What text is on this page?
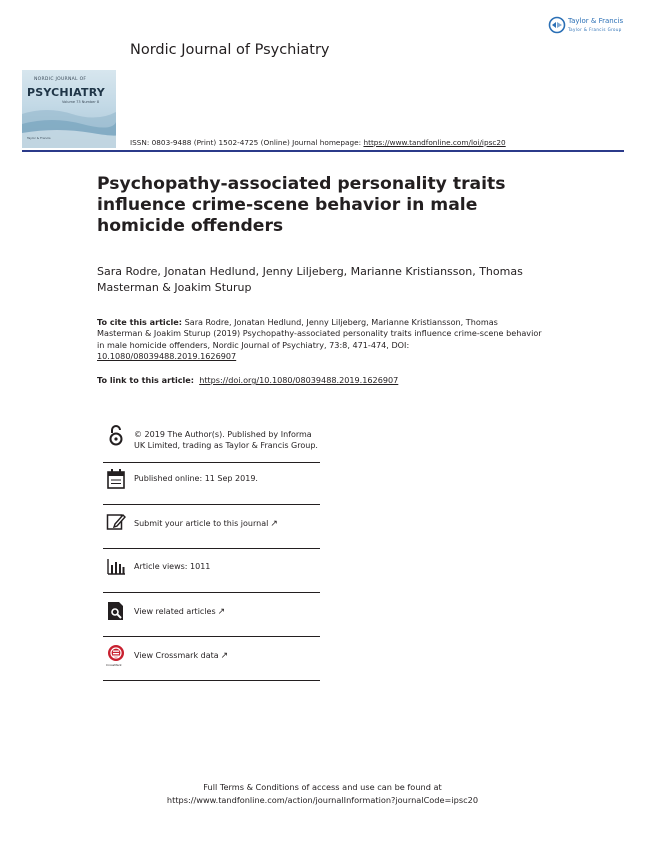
Nordic Journal of Psychiatry
Taylor & Francis
Taylor & Francis Group
NORDIC JOURNAL OF
PSYCHIATRY
Volume 73 Number 8
Taylor & Francis	ISSN: 0803-9488 (Print) 1502-4725 (Online) Journal homepage: https://www.tandfonline.com/loi/ipsc20
Psychopathy-associated personality traits influence crime-scene behavior in male homicide offenders
Sara Rodre, Jonatan Hedlund, Jenny Liljeberg, Marianne Kristiansson, Thomas Masterman & Joakim Sturup
To cite this article: Sara Rodre, Jonatan Hedlund, Jenny Liljeberg, Marianne Kristiansson, Thomas Masterman & Joakim Sturup (2019) Psychopathy-associated personality traits influence crime-scene behavior in male homicide offenders, Nordic Journal of Psychiatry, 73:8, 471-474, DOI: 10.1080/08039488.2019.1626907
To link to this article: https://doi.org/10.1080/08039488.2019.1626907
© 2019 The Author(s). Published by Informa UK Limited, trading as Taylor & Francis Group.
Published online: 11 Sep 2019.
Submit your article to this journal ↗
Article views: 1011
View related articles ↗
CrossMark
View Crossmark data ↗
Full Terms & Conditions of access and use can be found at
https://www.tandfonline.com/action/journalInformation?journalCode=ipsc20
